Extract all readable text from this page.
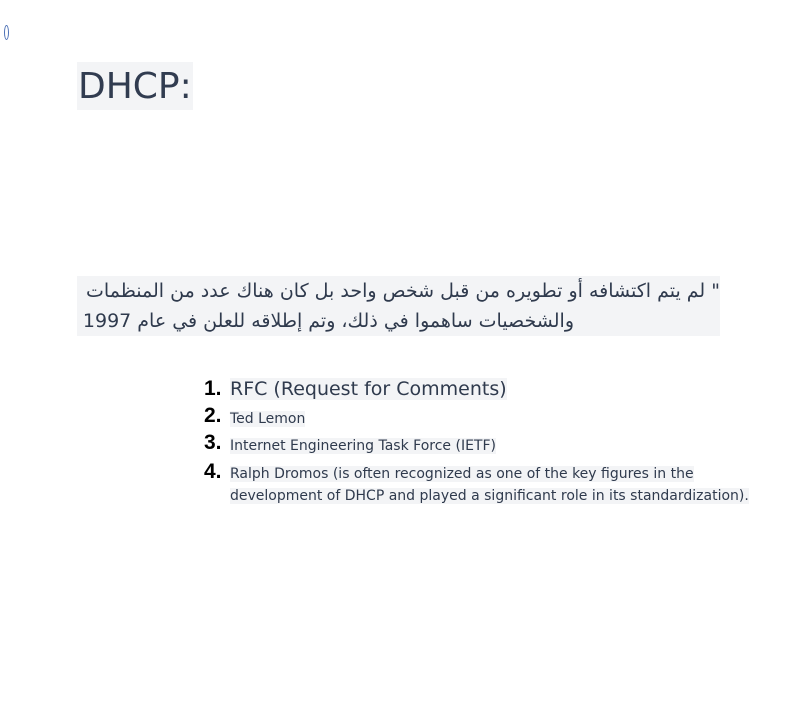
DHCP:
" لم يتم اكتشافه أو تطويره من قبل شخص واحد بل كان هناك عدد من المنظمات
والشخصيات ساهموا في ذلك، وتم إطلاقه للعلن في عام 1997
1. RFC (Request for Comments)
2. Ted Lemon
3. Internet Engineering Task Force (IETF)
4. Ralph Dromos (is often recognized as one of the key figures in the development of DHCP and played a significant role in its standardization).
